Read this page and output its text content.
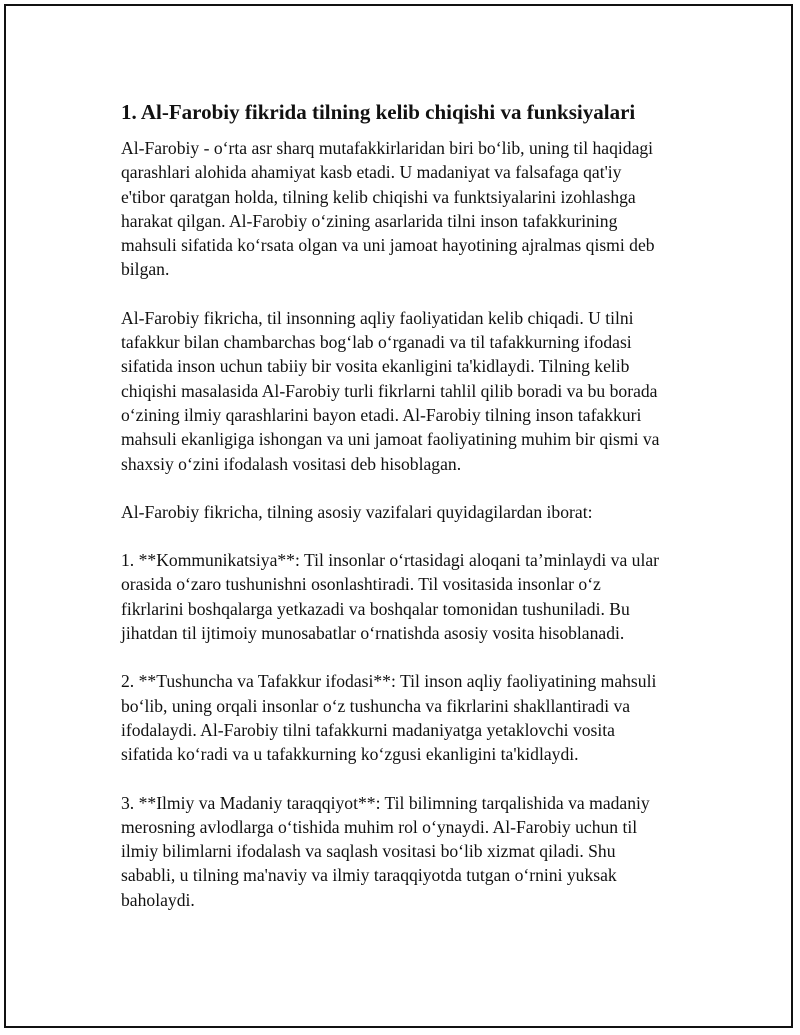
1. Al-Farobiy fikrida tilning kelib chiqishi va funksiyalari

Al-Farobiy - o‘rta asr sharq mutafakkirlaridan biri bo‘lib, uning til haqidagi
qarashlari alohida ahamiyat kasb etadi. U madaniyat va falsafaga qat'iy
e'tibor qaratgan holda, tilning kelib chiqishi va funktsiyalarini izohlashga
harakat qilgan. Al-Farobiy o‘zining asarlarida tilni inson tafakkurining
mahsuli sifatida ko‘rsata olgan va uni jamoat hayotining ajralmas qismi deb
bilgan.

Al-Farobiy fikricha, til insonning aqliy faoliyatidan kelib chiqadi. U tilni
tafakkur bilan chambarchas bog‘lab o‘rganadi va til tafakkurning ifodasi
sifatida inson uchun tabiiy bir vosita ekanligini ta'kidlaydi. Tilning kelib
chiqishi masalasida Al-Farobiy turli fikrlarni tahlil qilib boradi va bu borada
o‘zining ilmiy qarashlarini bayon etadi. Al-Farobiy tilning inson tafakkuri
mahsuli ekanligiga ishongan va uni jamoat faoliyatining muhim bir qismi va
shaxsiy o‘zini ifodalash vositasi deb hisoblagan.

Al-Farobiy fikricha, tilning asosiy vazifalari quyidagilardan iborat:

1. **Kommunikatsiya**: Til insonlar o‘rtasidagi aloqani ta’minlaydi va ular
orasida o‘zaro tushunishni osonlashtiradi. Til vositasida insonlar o‘z
fikrlarini boshqalarga yetkazadi va boshqalar tomonidan tushuniladi. Bu
jihatdan til ijtimoiy munosabatlar o‘rnatishda asosiy vosita hisoblanadi.

2. **Tushuncha va Tafakkur ifodasi**: Til inson aqliy faoliyatining mahsuli
bo‘lib, uning orqali insonlar o‘z tushuncha va fikrlarini shakllantiradi va
ifodalaydi. Al-Farobiy tilni tafakkurni madaniyatga yetaklovchi vosita
sifatida ko‘radi va u tafakkurning ko‘zgusi ekanligini ta'kidlaydi.

3. **Ilmiy va Madaniy taraqqiyot**: Til bilimning tarqalishida va madaniy
merosning avlodlarga o‘tishida muhim rol o‘ynaydi. Al-Farobiy uchun til
ilmiy bilimlarni ifodalash va saqlash vositasi bo‘lib xizmat qiladi. Shu
sababli, u tilning ma'naviy va ilmiy taraqqiyotda tutgan o‘rnini yuksak
baholaydi.
